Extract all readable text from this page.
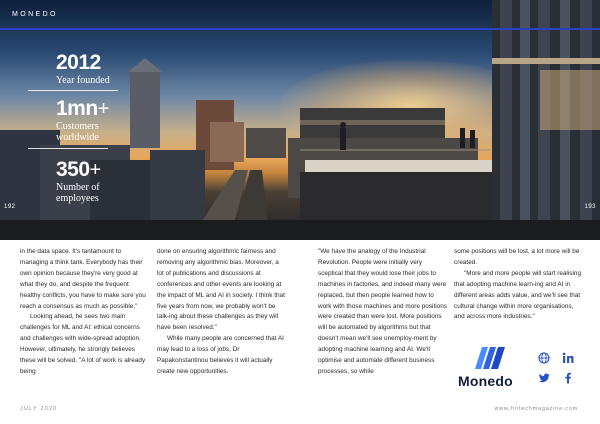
MONEDO
2012
Year founded
1mn+
Customers
worldwide
350+
Number of
employees
192	193

in the data space. It's tantamount to managing a think tank. Everybody has their own opinion because they're very good at what they do, and despite the frequent healthy conflicts, you have to make sure you reach a consensus as much as possible."

Looking ahead, he sees two main challenges for ML and AI: ethical concerns and challenges with wide-spread adoption. However, ultimately, he strongly believes these will be solved. "A lot of work is already being

done on ensuring algorithmic fairness and removing any algorithmic bias. Moreover, a lot of publications and discussions at conferences and other events are looking at the impact of ML and AI in society. I think that five years from now, we probably won't be talk-ing about these challenges as they will have been resolved."

While many people are concerned that AI may lead to a loss of jobs, Dr Papakonstantinou believes it will actually create new opportunities.

"We have the analogy of the Industrial Revolution. People were initially very sceptical that they would lose their jobs to machines in factories, and indeed many were replaced, but then people learned how to work with those machines and more positions were created than were lost. More positions will be automated by algorithms but that doesn't mean we'll see unemploy-ment by adopting machine learning and AI. We'll optimise and automate different business processes, so while

some positions will be lost, a lot more will be created.

"More and more people will start realising that adopting machine learn-ing and AI in different areas adds value, and we'll see that cultural change within more organisations, and across more industries."

Monedo
JULY 2020	www.fintechmagazine.com
